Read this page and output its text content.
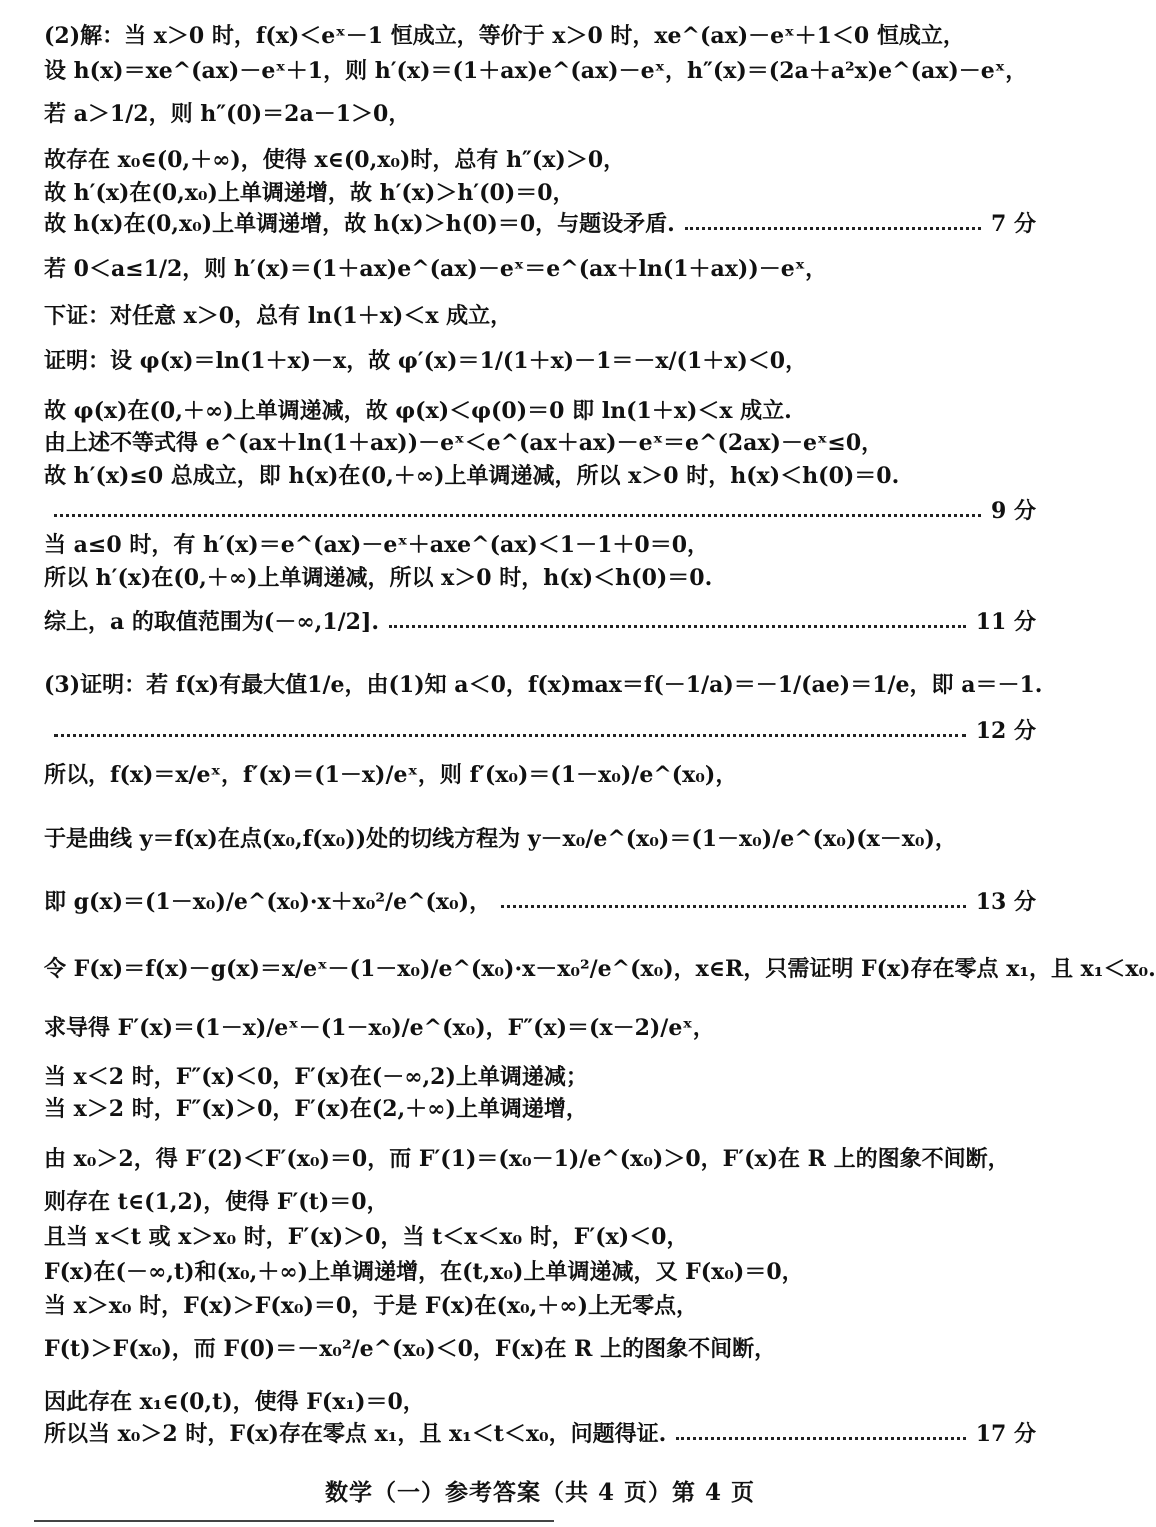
(2)解：当 x＞0 时，f(x)＜eˣ－1 恒成立，等价于 x＞0 时，xe^(ax)－eˣ＋1＜0 恒成立，
设 h(x)＝xe^(ax)－eˣ＋1，则 h′(x)＝(1＋ax)e^(ax)－eˣ，h″(x)＝(2a＋a²x)e^(ax)－eˣ，
若 a＞1/2，则 h″(0)＝2a－1＞0，
故存在 x₀∈(0,＋∞)，使得 x∈(0,x₀)时，总有 h″(x)＞0，
故 h′(x)在(0,x₀)上单调递增，故 h′(x)＞h′(0)＝0，
故 h(x)在(0,x₀)上单调递增，故 h(x)＞h(0)＝0，与题设矛盾.	7 分
若 0＜a≤1/2，则 h′(x)＝(1＋ax)e^(ax)－eˣ＝e^(ax＋ln(1＋ax))－eˣ，
下证：对任意 x＞0，总有 ln(1＋x)＜x 成立，
证明：设 φ(x)＝ln(1＋x)－x，故 φ′(x)＝1/(1＋x)－1＝－x/(1＋x)＜0，
故 φ(x)在(0,＋∞)上单调递减，故 φ(x)＜φ(0)＝0 即 ln(1＋x)＜x 成立.
由上述不等式得 e^(ax＋ln(1＋ax))－eˣ＜e^(ax＋ax)－eˣ＝e^(2ax)－eˣ≤0，
故 h′(x)≤0 总成立，即 h(x)在(0,＋∞)上单调递减，所以 x＞0 时，h(x)＜h(0)＝0.
9 分
当 a≤0 时，有 h′(x)＝e^(ax)－eˣ＋axe^(ax)＜1－1＋0＝0，
所以 h′(x)在(0,＋∞)上单调递减，所以 x＞0 时，h(x)＜h(0)＝0.
综上，a 的取值范围为(－∞,1/2].	11 分
(3)证明：若 f(x)有最大值1/e，由(1)知 a＜0，f(x)max＝f(－1/a)＝－1/(ae)＝1/e，即 a＝－1.
12 分
所以，f(x)＝x/eˣ，f′(x)＝(1－x)/eˣ，则 f′(x₀)＝(1－x₀)/e^(x₀)，
于是曲线 y＝f(x)在点(x₀,f(x₀))处的切线方程为 y－x₀/e^(x₀)＝(1－x₀)/e^(x₀)(x－x₀)，
即 g(x)＝(1－x₀)/e^(x₀)·x＋x₀²/e^(x₀)，	13 分
令 F(x)＝f(x)－g(x)＝x/eˣ－(1－x₀)/e^(x₀)·x－x₀²/e^(x₀)，x∈R，只需证明 F(x)存在零点 x₁，且 x₁＜x₀.
求导得 F′(x)＝(1－x)/eˣ－(1－x₀)/e^(x₀)，F″(x)＝(x－2)/eˣ，
当 x＜2 时，F″(x)＜0，F′(x)在(－∞,2)上单调递减；
当 x＞2 时，F″(x)＞0，F′(x)在(2,＋∞)上单调递增，
由 x₀＞2，得 F′(2)＜F′(x₀)＝0，而 F′(1)＝(x₀－1)/e^(x₀)＞0，F′(x)在 R 上的图象不间断，
则存在 t∈(1,2)，使得 F′(t)＝0，
且当 x＜t 或 x＞x₀ 时，F′(x)＞0，当 t＜x＜x₀ 时，F′(x)＜0，
F(x)在(－∞,t)和(x₀,＋∞)上单调递增，在(t,x₀)上单调递减，又 F(x₀)＝0，
当 x＞x₀ 时，F(x)＞F(x₀)＝0，于是 F(x)在(x₀,＋∞)上无零点，
F(t)＞F(x₀)，而 F(0)＝－x₀²/e^(x₀)＜0，F(x)在 R 上的图象不间断，
因此存在 x₁∈(0,t)，使得 F(x₁)＝0，
所以当 x₀＞2 时，F(x)存在零点 x₁，且 x₁＜t＜x₀，问题得证.	17 分
数学（一）参考答案（共 4 页）第 4 页
